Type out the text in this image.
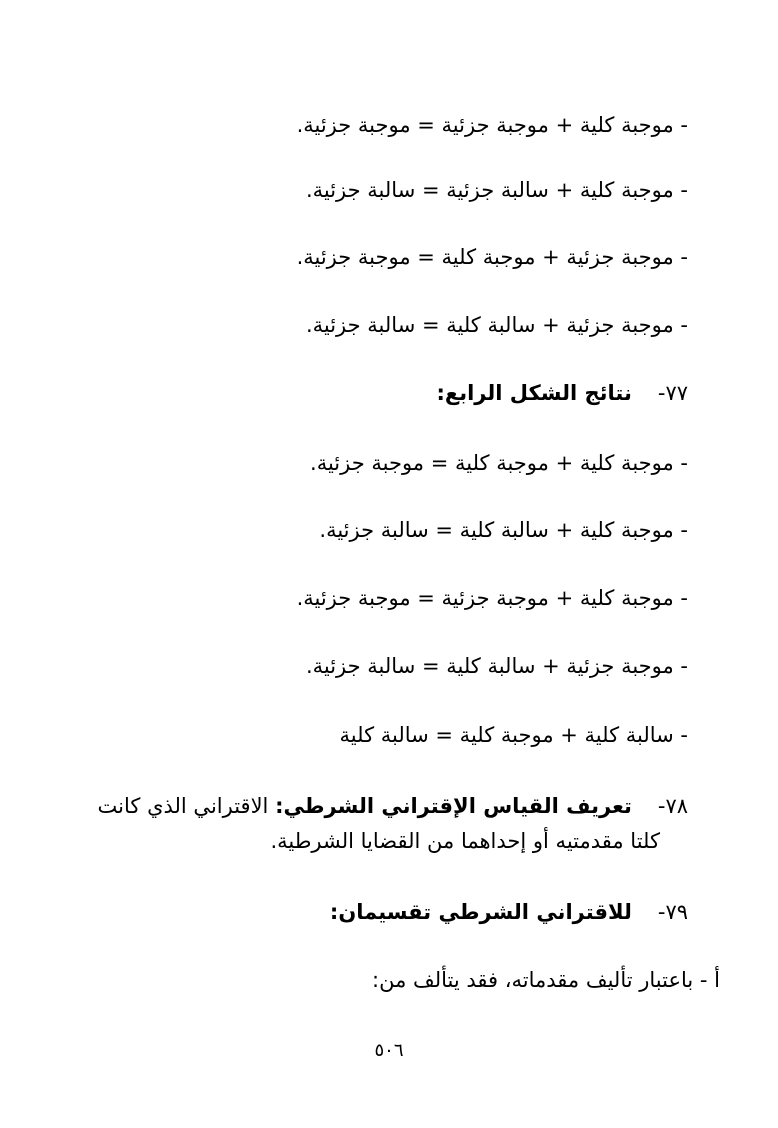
- موجبة كلية + موجبة جزئية = موجبة جزئية.
- موجبة كلية + سالبة جزئية = سالبة جزئية.
- موجبة جزئية + موجبة كلية = موجبة جزئية.
- موجبة جزئية + سالبة كلية = سالبة جزئية.
٧٧-نتائج الشكل الرابع:
- موجبة كلية + موجبة كلية = موجبة جزئية.
- موجبة كلية + سالبة كلية = سالبة جزئية.
- موجبة كلية + موجبة جزئية = موجبة جزئية.
- موجبة جزئية + سالبة كلية = سالبة جزئية.
- سالبة كلية + موجبة كلية = سالبة كلية
٧٨-تعريف القياس الإقتراني الشرطي: الاقتراني الذي كانت
كلتا مقدمتيه أو إحداهما من القضايا الشرطية.
٧٩-للاقتراني الشرطي تقسيمان:
أ - باعتبار تأليف مقدماته، فقد يتألف من:
٥٠٦
